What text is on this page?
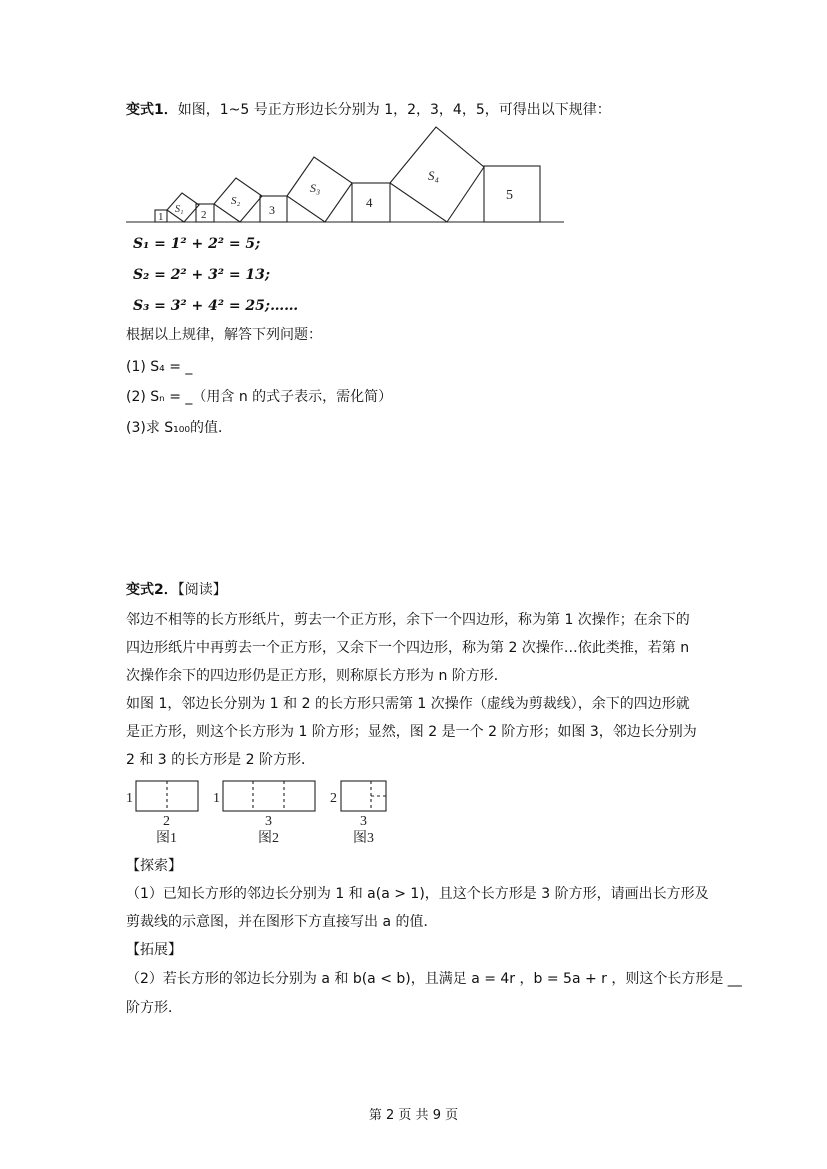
变式1．如图，1~5 号正方形边长分别为 1，2，3，4，5，可得出以下规律：
1	2	3	4	5
S₁
S₂
S₃
S₄
S₁ = 1² + 2² = 5;
S₂ = 2² + 3² = 13;
S₃ = 3² + 4² = 25;……
根据以上规律，解答下列问题：
(1) S₄ = _
(2) Sₙ = _（用含 n 的式子表示，需化简）
(3)求 S₁₀₀的值．
变式2．【阅读】
邻边不相等的长方形纸片，剪去一个正方形，余下一个四边形，称为第 1 次操作；在余下的
四边形纸片中再剪去一个正方形，又余下一个四边形，称为第 2 次操作…依此类推，若第 n
次操作余下的四边形仍是正方形，则称原长方形为 n 阶方形．
如图 1，邻边长分别为 1 和 2 的长方形只需第 1 次操作（虚线为剪裁线），余下的四边形就
是正方形，则这个长方形为 1 阶方形；显然，图 2 是一个 2 阶方形；如图 3，邻边长分别为
2 和 3 的长方形是 2 阶方形．
1
2
图1
1
3
图2
2
3
图3
【探索】
（1）已知长方形的邻边长分别为 1 和 a(a > 1)，且这个长方形是 3 阶方形，请画出长方形及
剪裁线的示意图，并在图形下方直接写出 a 的值．
【拓展】
（2）若长方形的邻边长分别为 a 和 b(a < b)，且满足 a = 4r ，b = 5a + r ，则这个长方形是 __
阶方形．
第 2 页 共 9 页
